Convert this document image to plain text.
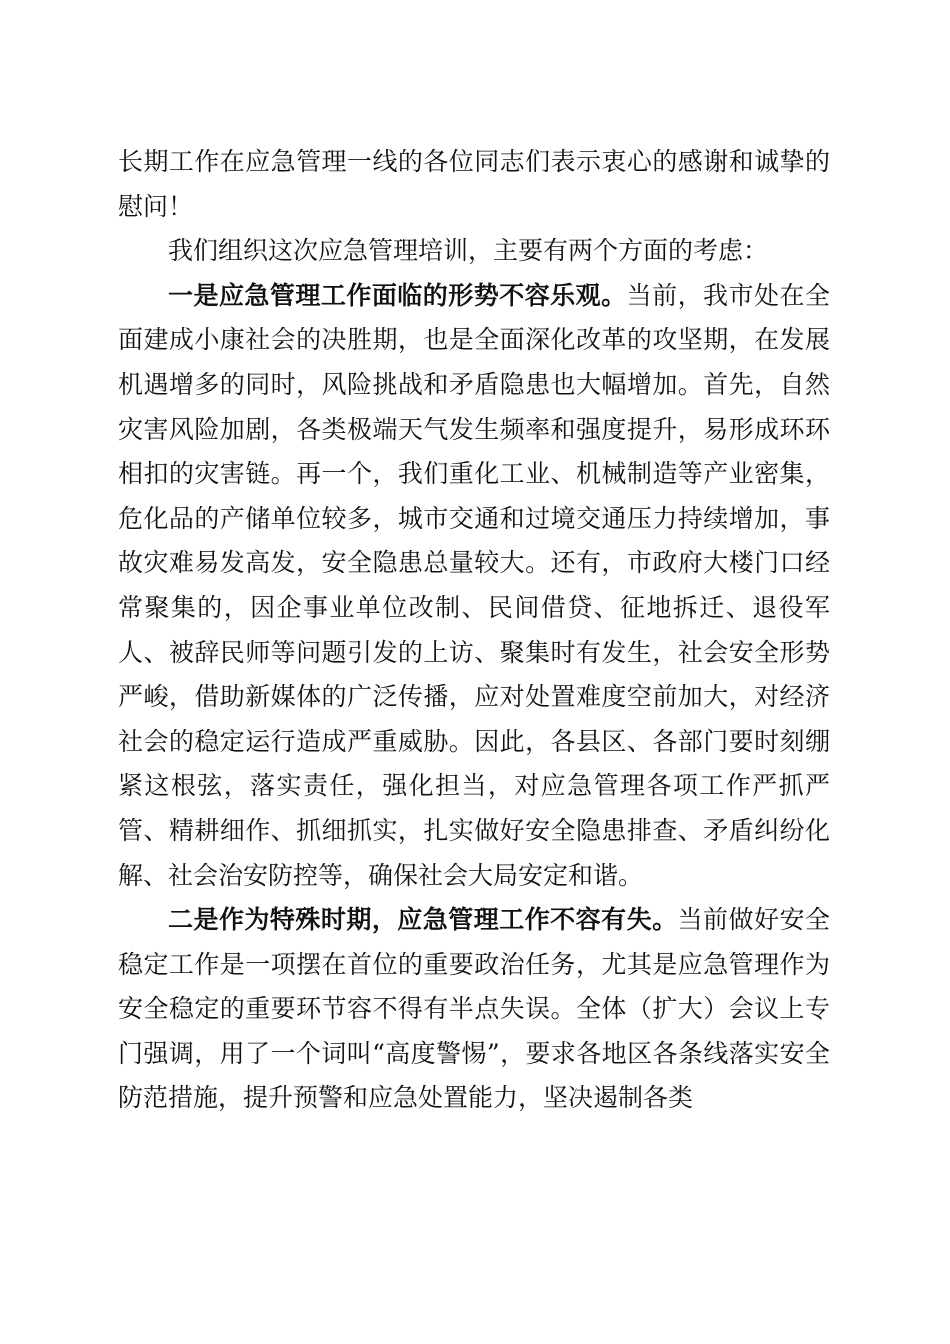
长期工作在应急管理一线的各位同志们表示衷心的感谢和诚挚的慰问！

我们组织这次应急管理培训，主要有两个方面的考虑：

一是应急管理工作面临的形势不容乐观。当前，我市处在全面建成小康社会的决胜期，也是全面深化改革的攻坚期，在发展机遇增多的同时，风险挑战和矛盾隐患也大幅增加。首先，自然灾害风险加剧，各类极端天气发生频率和强度提升，易形成环环相扣的灾害链。再一个，我们重化工业、机械制造等产业密集，危化品的产储单位较多，城市交通和过境交通压力持续增加，事故灾难易发高发，安全隐患总量较大。还有，市政府大楼门口经常聚集的，因企事业单位改制、民间借贷、征地拆迁、退役军人、被辞民师等问题引发的上访、聚集时有发生，社会安全形势严峻，借助新媒体的广泛传播，应对处置难度空前加大，对经济社会的稳定运行造成严重威胁。因此，各县区、各部门要时刻绷紧这根弦，落实责任，强化担当，对应急管理各项工作严抓严管、精耕细作、抓细抓实，扎实做好安全隐患排查、矛盾纠纷化解、社会治安防控等，确保社会大局安定和谐。

二是作为特殊时期，应急管理工作不容有失。当前做好安全稳定工作是一项摆在首位的重要政治任务，尤其是应急管理作为安全稳定的重要环节容不得有半点失误。全体（扩大）会议上专门强调，用了一个词叫“高度警惕”，要求各地区各条线落实安全防范措施，提升预警和应急处置能力，坚决遏制各类
